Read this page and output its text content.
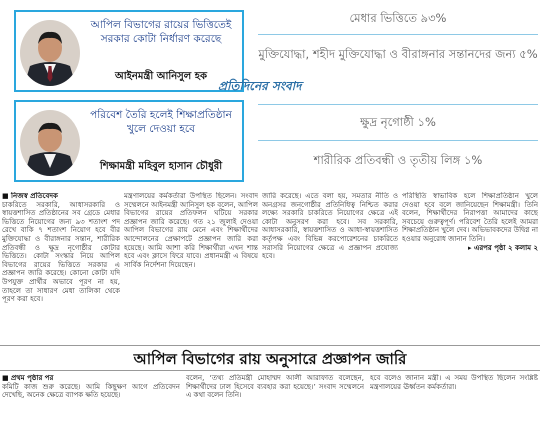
আপিল বিভাগের রায়ের ভিত্তিতেই সরকার কোটা নির্ধারণ করেছে
আইনমন্ত্রী আনিসুল হক
পরিবেশ তৈরি হলেই শিক্ষাপ্রতিষ্ঠান খুলে দেওয়া হবে
শিক্ষামন্ত্রী মহিবুল হাসান চৌধুরী
মেধার ভিত্তিতে ৯৩%
মুক্তিযোদ্ধা, শহীদ মুক্তিযোদ্ধা ও বীরাঙ্গনার সন্তানদের জন্য ৫%
প্রতিদিনের সংবাদ
ক্ষুদ্র নৃগোষ্ঠী ১%
শারীরিক প্রতিবন্ধী ও তৃতীয় লিঙ্গ ১%
■ নিজস্ব প্রতিবেদক
চাকরিতে সরকারি, আধাসরকারি ও স্বায়ত্তশাসিত প্রতিষ্ঠানের সব গ্রেডে মেধার ভিত্তিতে নিয়োগের জন্য ৯৩ শতাংশ পদ রেখে বাকি ৭ শতাংশ নিয়োগ হবে বীর মুক্তিযোদ্ধা ও বীরাঙ্গনার সন্তান, শারীরিক প্রতিবন্ধী ও ক্ষুদ্র নৃগোষ্ঠীর কোটার ভিত্তিতে। কোটা সংস্কার নিয়ে আপিল বিভাগের রায়ের ভিত্তিতে সরকার এ প্রজ্ঞাপন জারি করেছে। কোনো কোটা যদি উপযুক্ত প্রার্থীর অভাবে পূরণ না হয়, তাহলে তা সাধারণ মেধা তালিকা থেকে পূরণ করা হবে।
মন্ত্রণালয়ের কর্মকর্তারা উপস্থিত ছিলেন। সংবাদ সম্মেলনে আইনমন্ত্রী আনিসুল হক বলেন, আপিল বিভাগের রায়ের প্রতিফলন ঘটিয়ে সরকার প্রজ্ঞাপন জারি করেছে। গত ২১ জুলাই দেওয়া আপিল বিভাগের রায় মেনে এবং শিক্ষার্থীদের আন্দোলনের প্রেক্ষাপটে প্রজ্ঞাপন জারি করা হয়েছে। আমি আশা করি শিক্ষার্থীরা এখন শান্ত হবে এবং ক্লাসে ফিরে যাবে। প্রধানমন্ত্রী এ বিষয়ে সার্বিক নির্দেশনা দিয়েছেন।
জারি করেছে। এতে বলা হয়, সমতার নীতি ও অনগ্রসর জনগোষ্ঠীর প্রতিনিধিত্ব নিশ্চিত করার লক্ষ্যে সরকারি চাকরিতে নিয়োগের ক্ষেত্রে এই কোটা অনুসরণ করা হবে। সব সরকারি, আধাসরকারি, স্বায়ত্তশাসিত ও আধা-স্বায়ত্তশাসিত কর্তৃপক্ষ এবং বিভিন্ন করপোরেশনের চাকরিতে সরাসরি নিয়োগের ক্ষেত্রে এ প্রজ্ঞাপন প্রযোজ্য হবে।
পরিস্থিতি স্বাভাবিক হলে শিক্ষাপ্রতিষ্ঠান খুলে দেওয়া হবে বলে জানিয়েছেন শিক্ষামন্ত্রী। তিনি বলেন, শিক্ষার্থীদের নিরাপত্তা আমাদের কাছে সবচেয়ে গুরুত্বপূর্ণ। পরিবেশ তৈরি হলেই আমরা শিক্ষাপ্রতিষ্ঠান খুলে দেব। অভিভাবকদের উদ্বিগ্ন না হওয়ার অনুরোধ জানান তিনি।
▸ এরপর পৃষ্ঠা ২ কলাম ২
আপিল বিভাগের রায় অনুসারে প্রজ্ঞাপন জারি
■ প্রথম পৃষ্ঠার পর
কমিটি কাজ শুরু করেছে। আমি কিছুক্ষণ আগে প্রতিবেদন দেখেছি, অনেক ক্ষেত্রে ব্যাপক ক্ষতি হয়েছে।
বলেন, ‘তথ্য প্রতিমন্ত্রী মোহাম্মদ আলী আরাফাত বলেছেন, শিক্ষার্থীদের ঢাল হিসেবে ব্যবহার করা হয়েছে।’ সংবাদ সম্মেলনে এ কথা বলেন তিনি।
হবে বলেও জানান মন্ত্রী। এ সময় উপস্থিত ছিলেন সংশ্লিষ্ট মন্ত্রণালয়ের ঊর্ধ্বতন কর্মকর্তারা।
